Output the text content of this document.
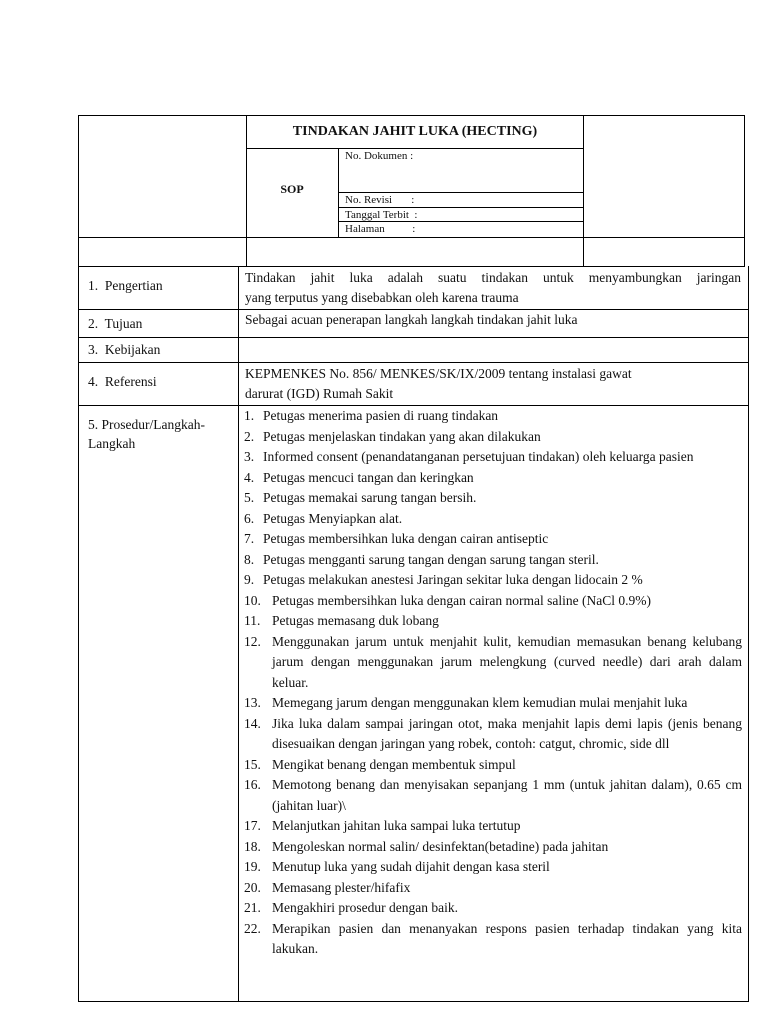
TINDAKAN JAHIT LUKA (HECTING)
SOP
No. Dokumen :
No. Revisi       :
Tanggal Terbit  :
Halaman          :
1.  Pengertian
Tindakan jahit luka adalah suatu tindakan untuk menyambungkan jaringan
yang terputus yang disebabkan oleh karena trauma
2.  Tujuan	Sebagai acuan penerapan langkah langkah tindakan jahit luka
3.  Kebijakan
4.  Referensi
KEPMENKES No. 856/ MENKES/SK/IX/2009 tentang instalasi gawat
darurat (IGD) Rumah Sakit
5. Prosedur/Langkah-
Langkah
1. Petugas menerima pasien di ruang tindakan
2. Petugas menjelaskan tindakan yang akan dilakukan
3. Informed consent (penandatanganan persetujuan tindakan) oleh keluarga pasien
4. Petugas mencuci tangan dan keringkan
5. Petugas memakai sarung tangan bersih.
6. Petugas Menyiapkan alat.
7. Petugas membersihkan luka dengan cairan antiseptic
8. Petugas mengganti sarung tangan dengan sarung tangan steril.
9. Petugas melakukan anestesi Jaringan sekitar luka dengan lidocain 2 %
10. Petugas membersihkan luka dengan cairan normal saline (NaCl 0.9%)
11. Petugas memasang duk lobang
12. Menggunakan jarum untuk menjahit kulit, kemudian memasukan benang kelubang jarum dengan menggunakan jarum melengkung (curved needle) dari arah dalam keluar.
13. Memegang jarum dengan menggunakan klem kemudian mulai menjahit luka
14. Jika luka dalam sampai jaringan otot, maka menjahit lapis demi lapis (jenis benang disesuaikan dengan jaringan yang robek, contoh: catgut, chromic, side dll
15. Mengikat benang dengan membentuk simpul
16. Memotong benang dan menyisakan sepanjang 1 mm (untuk jahitan dalam), 0.65 cm (jahitan luar)\
17. Melanjutkan jahitan luka sampai luka tertutup
18. Mengoleskan normal salin/ desinfektan(betadine) pada jahitan
19. Menutup luka yang sudah dijahit dengan kasa steril
20. Memasang plester/hifafix
21. Mengakhiri prosedur dengan baik.
22. Merapikan pasien dan menanyakan respons pasien terhadap tindakan yang kita lakukan.
